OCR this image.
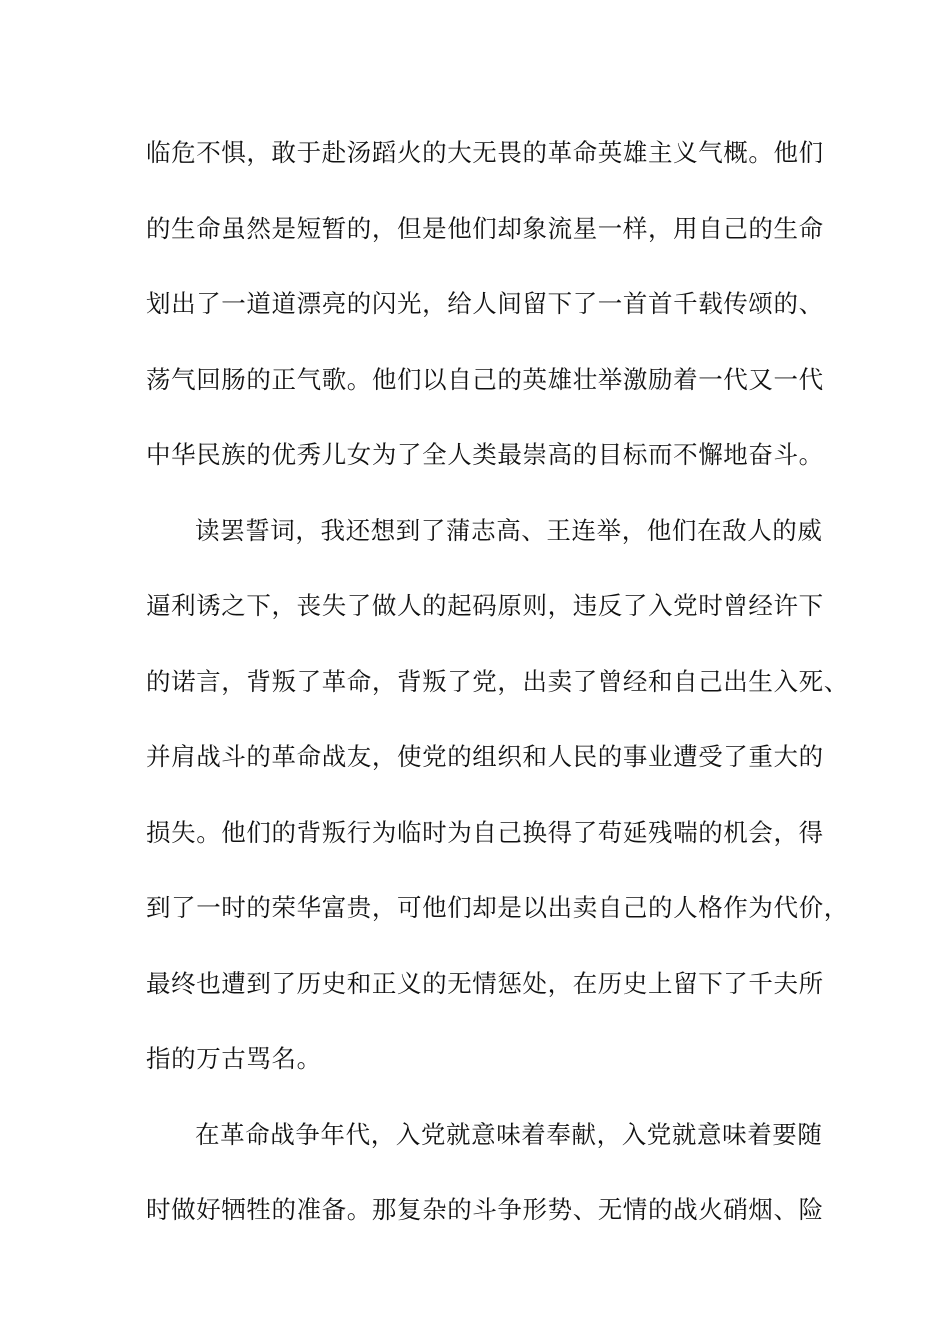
临危不惧，敢于赴汤蹈火的大无畏的革命英雄主义气概。他们
的生命虽然是短暂的，但是他们却象流星一样，用自己的生命
划出了一道道漂亮的闪光，给人间留下了一首首千载传颂的、
荡气回肠的正气歌。他们以自己的英雄壮举激励着一代又一代
中华民族的优秀儿女为了全人类最崇高的目标而不懈地奋斗。
读罢誓词，我还想到了蒲志高、王连举，他们在敌人的威
逼利诱之下，丧失了做人的起码原则，违反了入党时曾经许下
的诺言，背叛了革命，背叛了党，出卖了曾经和自己出生入死、
并肩战斗的革命战友，使党的组织和人民的事业遭受了重大的
损失。他们的背叛行为临时为自己换得了苟延残喘的机会，得
到了一时的荣华富贵，可他们却是以出卖自己的人格作为代价，
最终也遭到了历史和正义的无情惩处，在历史上留下了千夫所
指的万古骂名。
在革命战争年代，入党就意味着奉献，入党就意味着要随
时做好牺牲的准备。那复杂的斗争形势、无情的战火硝烟、险
